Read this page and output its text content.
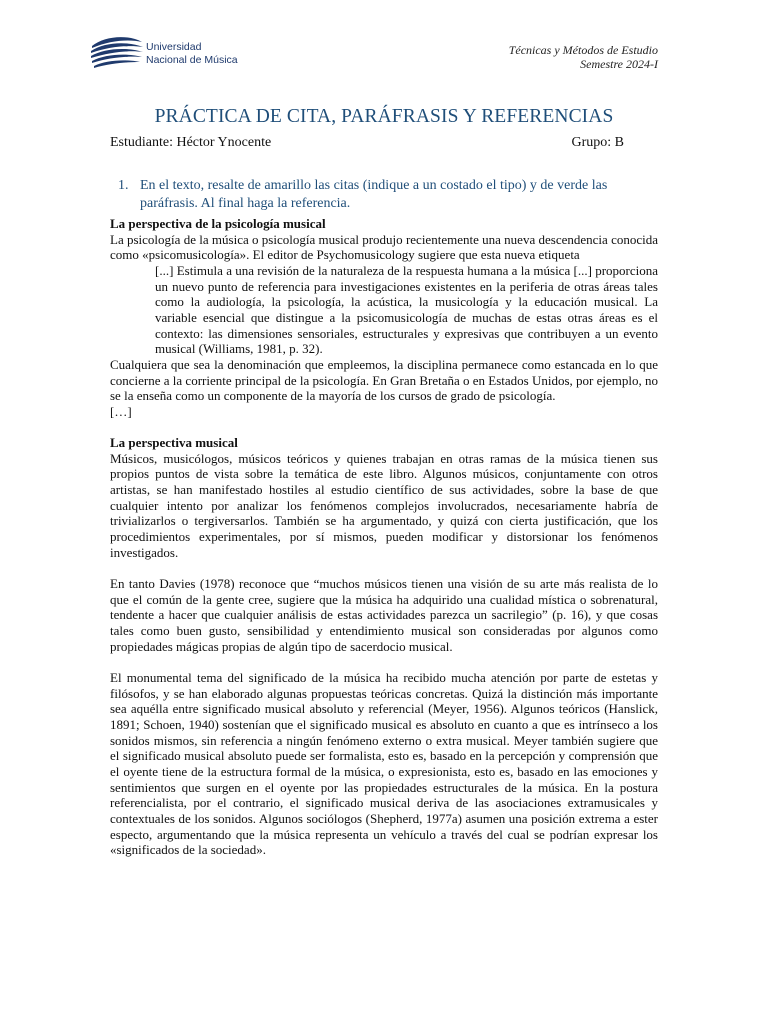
Universidad
Nacional de Música
Técnicas y Métodos de Estudio
Semestre 2024-I
PRÁCTICA DE CITA, PARÁFRASIS Y REFERENCIAS
Estudiante: Héctor Ynocente	Grupo: B
1. En el texto, resalte de amarillo las citas (indique a un costado el tipo) y de verde las paráfrasis. Al final haga la referencia.

La perspectiva de la psicología musical

La psicología de la música o psicología musical produjo recientemente una nueva descendencia conocida como «psicomusicología». El editor de Psychomusicology sugiere que esta nueva etiqueta

[...] Estimula a una revisión de la naturaleza de la respuesta humana a la música [...] proporciona un nuevo punto de referencia para investigaciones existentes en la periferia de otras áreas tales como la audiología, la psicología, la acústica, la musicología y la educación musical. La variable esencial que distingue a la psicomusicología de muchas de estas otras áreas es el contexto: las dimensiones sensoriales, estructurales y expresivas que contribuyen a un evento musical (Williams, 1981, p. 32).

Cualquiera que sea la denominación que empleemos, la disciplina permanece como estancada en lo que concierne a la corriente principal de la psicología. En Gran Bretaña o en Estados Unidos, por ejemplo, no se la enseña como un componente de la mayoría de los cursos de grado de psicología.

[…]

La perspectiva musical

Músicos, musicólogos, músicos teóricos y quienes trabajan en otras ramas de la música tienen sus propios puntos de vista sobre la temática de este libro. Algunos músicos, conjuntamente con otros artistas, se han manifestado hostiles al estudio científico de sus actividades, sobre la base de que cualquier intento por analizar los fenómenos complejos involucrados, necesariamente habría de trivializarlos o tergiversarlos. También se ha argumentado, y quizá con cierta justificación, que los procedimientos experimentales, por sí mismos, pueden modificar y distorsionar los fenómenos investigados.

En tanto Davies (1978) reconoce que “muchos músicos tienen una visión de su arte más realista de lo que el común de la gente cree, sugiere que la música ha adquirido una cualidad mística o sobrenatural, tendente a hacer que cualquier análisis de estas actividades parezca un sacrilegio” (p. 16), y que cosas tales como buen gusto, sensibilidad y entendimiento musical son consideradas por algunos como propiedades mágicas propias de algún tipo de sacerdocio musical.

El monumental tema del significado de la música ha recibido mucha atención por parte de estetas y filósofos, y se han elaborado algunas propuestas teóricas concretas. Quizá la distinción más importante sea aquélla entre significado musical absoluto y referencial (Meyer, 1956). Algunos teóricos (Hanslick, 1891; Schoen, 1940) sostenían que el significado musical es absoluto en cuanto a que es intrínseco a los sonidos mismos, sin referencia a ningún fenómeno externo o extra musical. Meyer también sugiere que el significado musical absoluto puede ser formalista, esto es, basado en la percepción y comprensión que el oyente tiene de la estructura formal de la música, o expresionista, esto es, basado en las emociones y sentimientos que surgen en el oyente por las propiedades estructurales de la música. En la postura referencialista, por el contrario, el significado musical deriva de las asociaciones extramusicales y contextuales de los sonidos. Algunos sociólogos (Shepherd, 1977a) asumen una posición extrema a ester especto, argumentando que la música representa un vehículo a través del cual se podrían expresar los «significados de la sociedad».
